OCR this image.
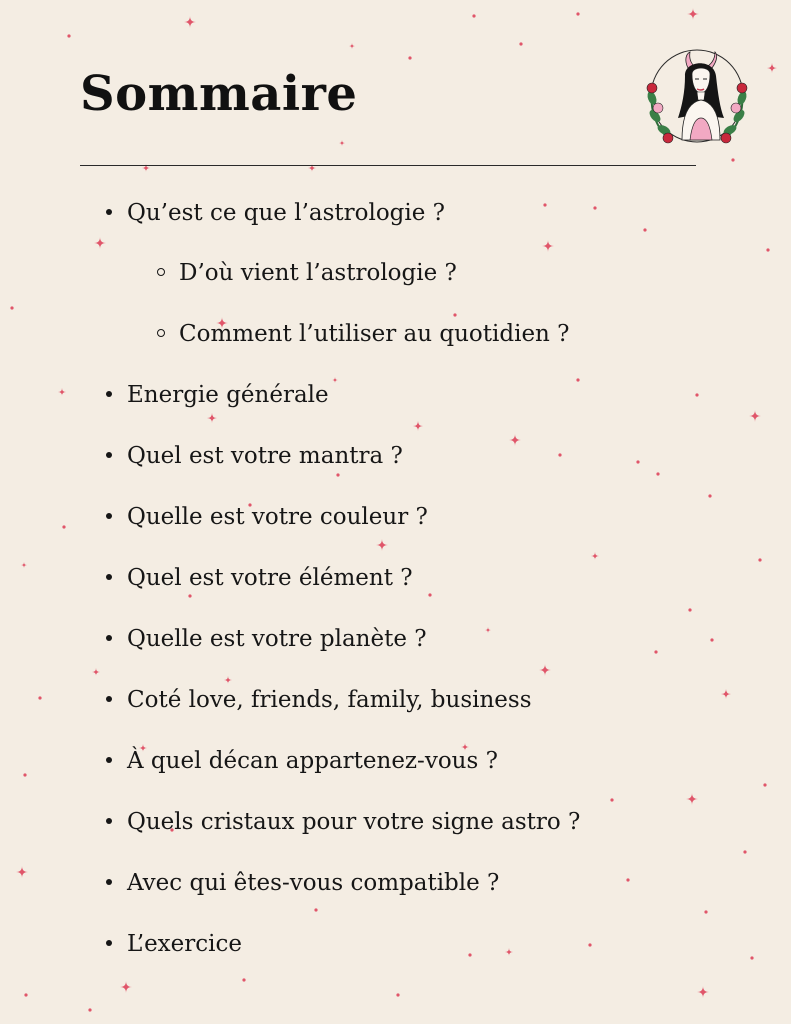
Sommaire
Qu’est ce que l’astrologie ?
D’où vient l’astrologie ?
Comment l’utiliser au quotidien ?
Energie générale
Quel est votre mantra ?
Quelle est votre couleur ?
Quel est votre élément ?
Quelle est votre planète ?
Coté love, friends, family, business
À quel décan appartenez-vous ?
Quels cristaux pour votre signe astro ?
Avec qui êtes-vous compatible ?
L’exercice
